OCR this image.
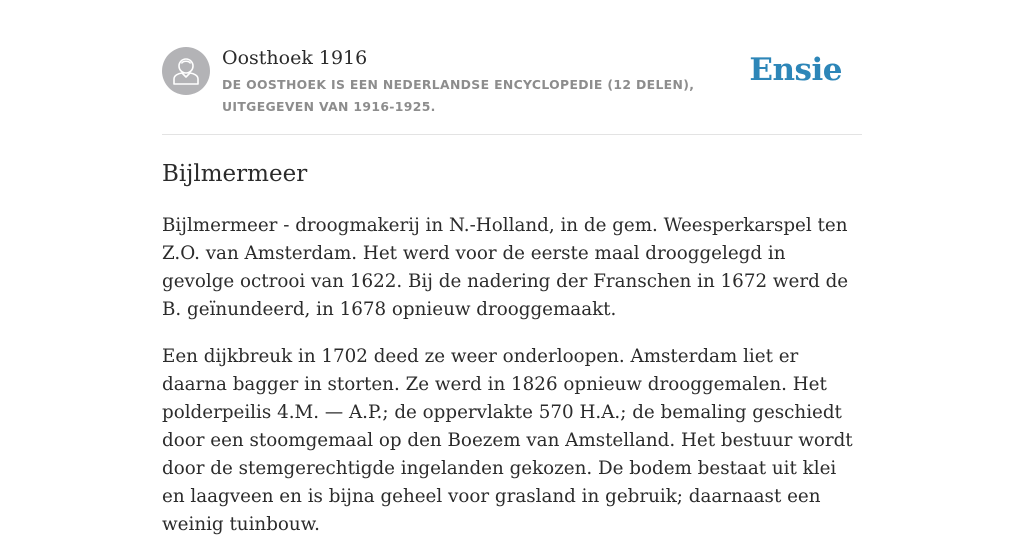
Oosthoek 1916
DE OOSTHOEK IS EEN NEDERLANDSE ENCYCLOPEDIE (12 DELEN), UITGEGEVEN VAN 1916-1925.
Ensie
Bijlmermeer

Bijlmermeer - droogmakerij in N.-Holland, in de gem. Weesperkarspel ten Z.O. van Amsterdam. Het werd voor de eerste maal drooggelegd in gevolge octrooi van 1622. Bij de nadering der Franschen in 1672 werd de B. geïnundeerd, in 1678 opnieuw drooggemaakt.

Een dijkbreuk in 1702 deed ze weer onderloopen. Amsterdam liet er daarna bagger in storten. Ze werd in 1826 opnieuw drooggemalen. Het polderpeilis 4.M. — A.P.; de oppervlakte 570 H.A.; de bemaling geschiedt door een stoomgemaal op den Boezem van Amstelland. Het bestuur wordt door de stemgerechtigde ingelanden gekozen. De bodem bestaat uit klei en laagveen en is bijna geheel voor grasland in gebruik; daarnaast een weinig tuinbouw.
